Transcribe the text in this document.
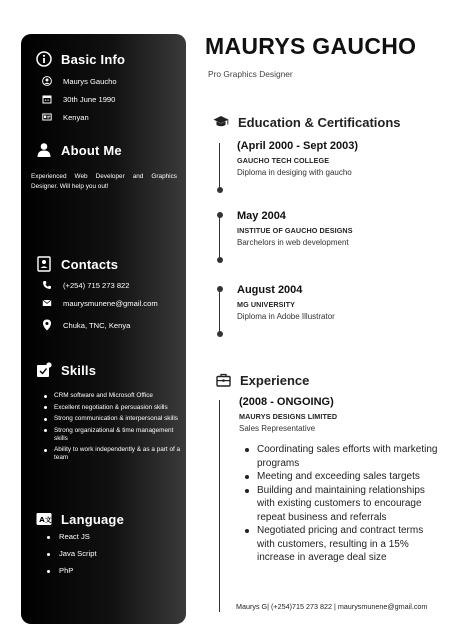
Basic Info
Maurys Gaucho
30th June 1990
Kenyan
About Me

Experienced Web Developer and Graphics Designer. Will help you out!

Contacts
(+254) 715 273 822
maurysmunene@gmail.com
Chuka, TNC, Kenya
Skills
CRM software and Microsoft Office
Excellent negotiation & persuasion skills
Strong communication & interpersonal skills
Strong organizational & time management skills
Ability to work independently & as a part of a team
A 文 Language
React JS
Java Script
PhP
MAURYS GAUCHO
Pro Graphics Designer
Education & Certifications
(April 2000 - Sept 2003)
GAUCHO TECH COLLEGE
Diploma in desiging with gaucho
May 2004
INSTITUE OF GAUCHO DESIGNS
Barchelors in web development
August 2004
MG UNIVERSITY
Diploma in Adobe Illustrator
Experience
(2008 - ONGOING)
MAURYS DESIGNS LIMITED
Sales Representative
Coordinating sales efforts with marketing programs
Meeting and exceeding sales targets
Building and maintaining relationships with existing customers to encourage repeat business and referrals
Negotiated pricing and contract terms with customers, resulting in a 15% increase in average deal size
Maurys G| (+254)715 273 822 | maurysmunene@gmail.com
